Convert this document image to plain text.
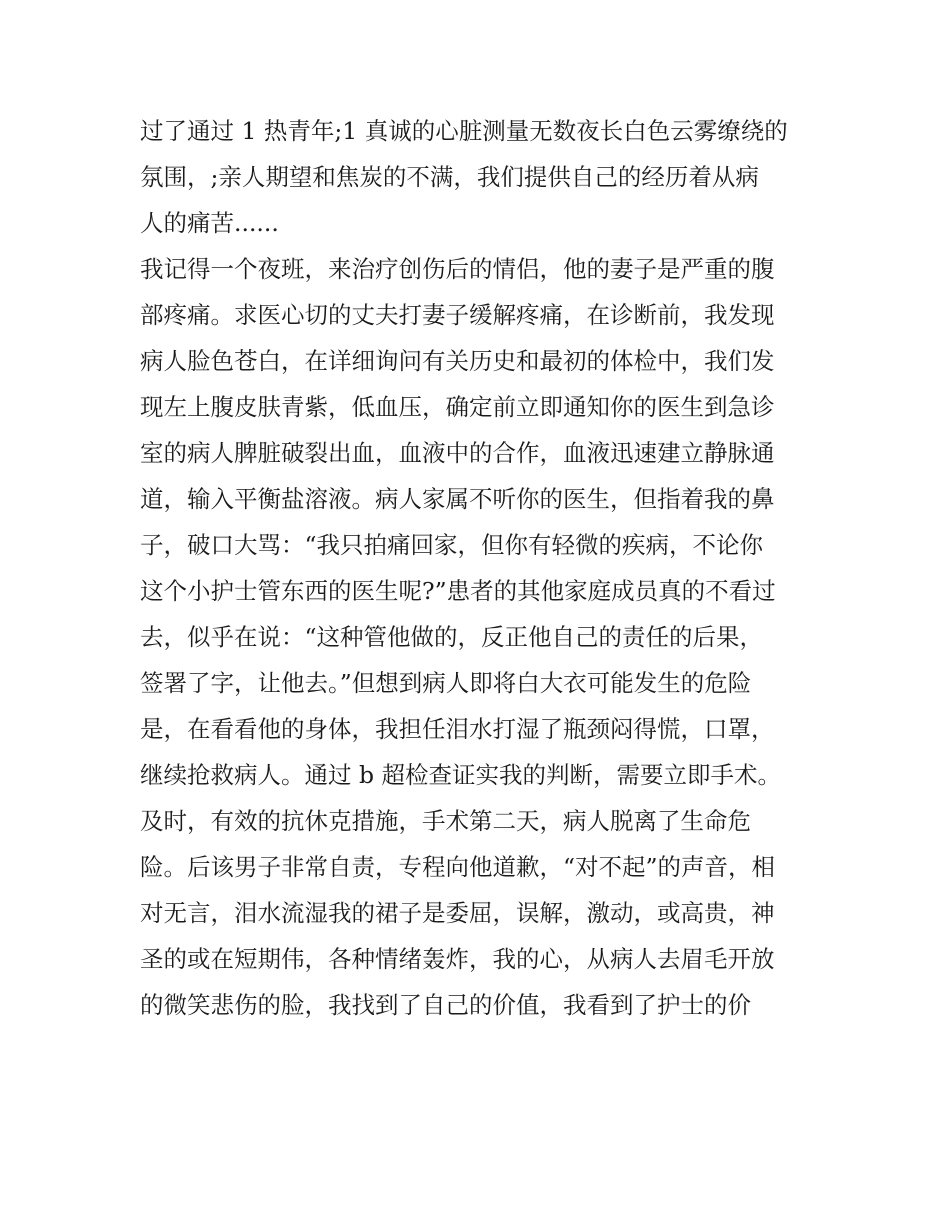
过了通过 1 热青年;1 真诚的心脏测量无数夜长白色云雾缭绕的
氛围，;亲人期望和焦炭的不满，我们提供自己的经历着从病
人的痛苦......
我记得一个夜班，来治疗创伤后的情侣，他的妻子是严重的腹
部疼痛。求医心切的丈夫打妻子缓解疼痛，在诊断前，我发现
病人脸色苍白，在详细询问有关历史和最初的体检中，我们发
现左上腹皮肤青紫，低血压，确定前立即通知你的医生到急诊
室的病人脾脏破裂出血，血液中的合作，血液迅速建立静脉通
道，输入平衡盐溶液。病人家属不听你的医生，但指着我的鼻
子，破口大骂：“我只拍痛回家，但你有轻微的疾病，不论你
这个小护士管东西的医生呢?”患者的其他家庭成员真的不看过
去，似乎在说：“这种管他做的，反正他自己的责任的后果，
签署了字，让他去。”但想到病人即将白大衣可能发生的危险
是，在看看他的身体，我担任泪水打湿了瓶颈闷得慌，口罩，
继续抢救病人。通过 b 超检查证实我的判断，需要立即手术。
及时，有效的抗休克措施，手术第二天，病人脱离了生命危
险。后该男子非常自责，专程向他道歉，“对不起”的声音，相
对无言，泪水流湿我的裙子是委屈，误解，激动，或高贵，神
圣的或在短期伟，各种情绪轰炸，我的心，从病人去眉毛开放
的微笑悲伤的脸，我找到了自己的价值，我看到了护士的价
